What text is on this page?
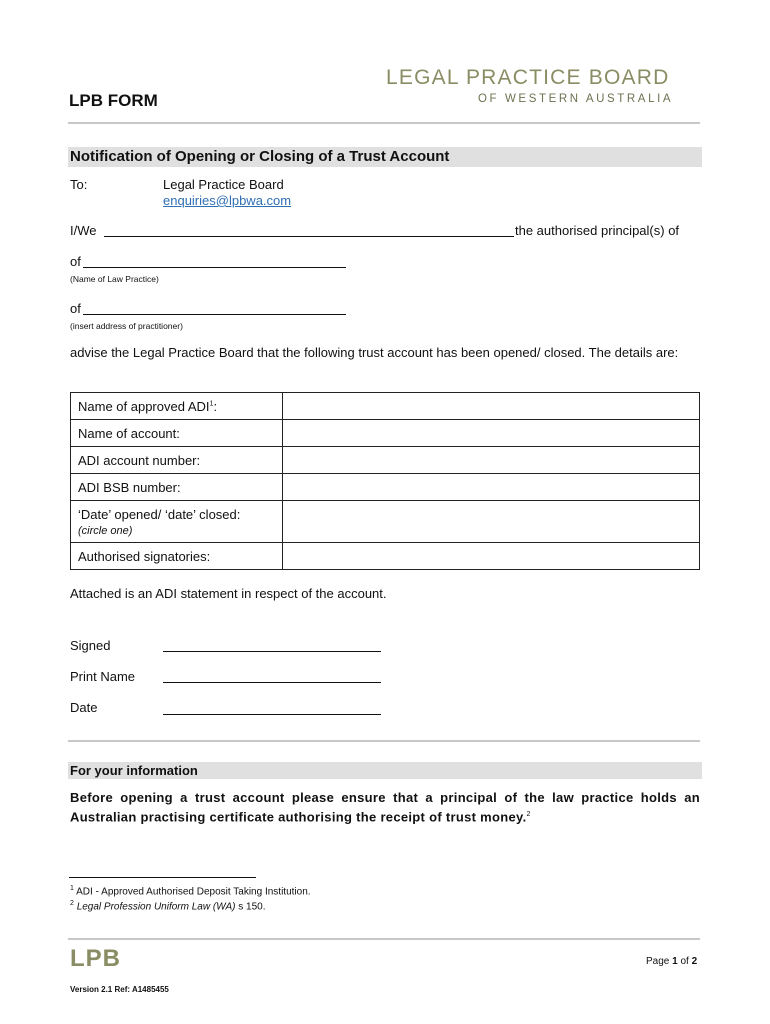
LEGAL PRACTICE BOARD
OF WESTERN AUSTRALIA
LPB FORM
Notification of Opening or Closing of a Trust Account
To:	Legal Practice Board
enquiries@lpbwa.com
I/We	the authorised principal(s) of
of
(Name of Law Practice)
of
(insert address of practitioner)
advise the Legal Practice Board that the following trust account has been opened/ closed. The details are:
Name of approved ADI$^1$:	
Name of account:	
ADI account number:	
ADI BSB number:	

‘Date’ opened/ ‘date’ closed:
(circle one)	

Authorised signatories:	
Attached is an ADI statement in respect of the account.
Signed
Print Name
Date
For your information
Before opening a trust account please ensure that a principal of the law practice holds an Australian practising certificate authorising the receipt of trust money.$^2$
$^1$ ADI - Approved Authorised Deposit Taking Institution.
$^2$ Legal Profession Uniform Law (WA) s 150.
LPB	Page 1 of 2
Version 2.1 Ref: A1485455
